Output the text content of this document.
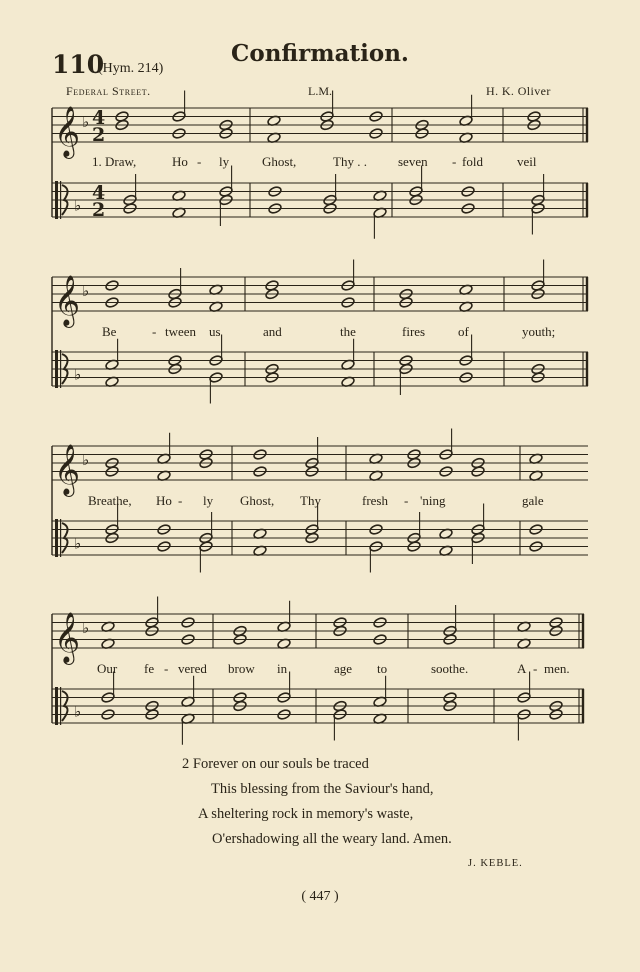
110
(Hym. 214)
Confirmation.
Federal Street.	L.M.	H. K. Oliver
𝄞 ♭ 4
2
♭
4
2
𝄞 ♭
♭
𝄞 ♭
♭
𝄞 ♭
♭
1. Draw,	Ho - ly	Ghost,	Thy . . seven - fold	veil
Be	- tween us	and	the	fires	of	youth;
Breathe, Ho - ly Ghost, Thy	fresh - 'ning	gale
Our fe - vered brow in	age to	soothe.	A - men.
2 Forever on our souls be traced
This blessing from the Saviour's hand,
A sheltering rock in memory's waste,
O'ershadowing all the weary land. Amen.
J. KEBLE.
( 447 )
